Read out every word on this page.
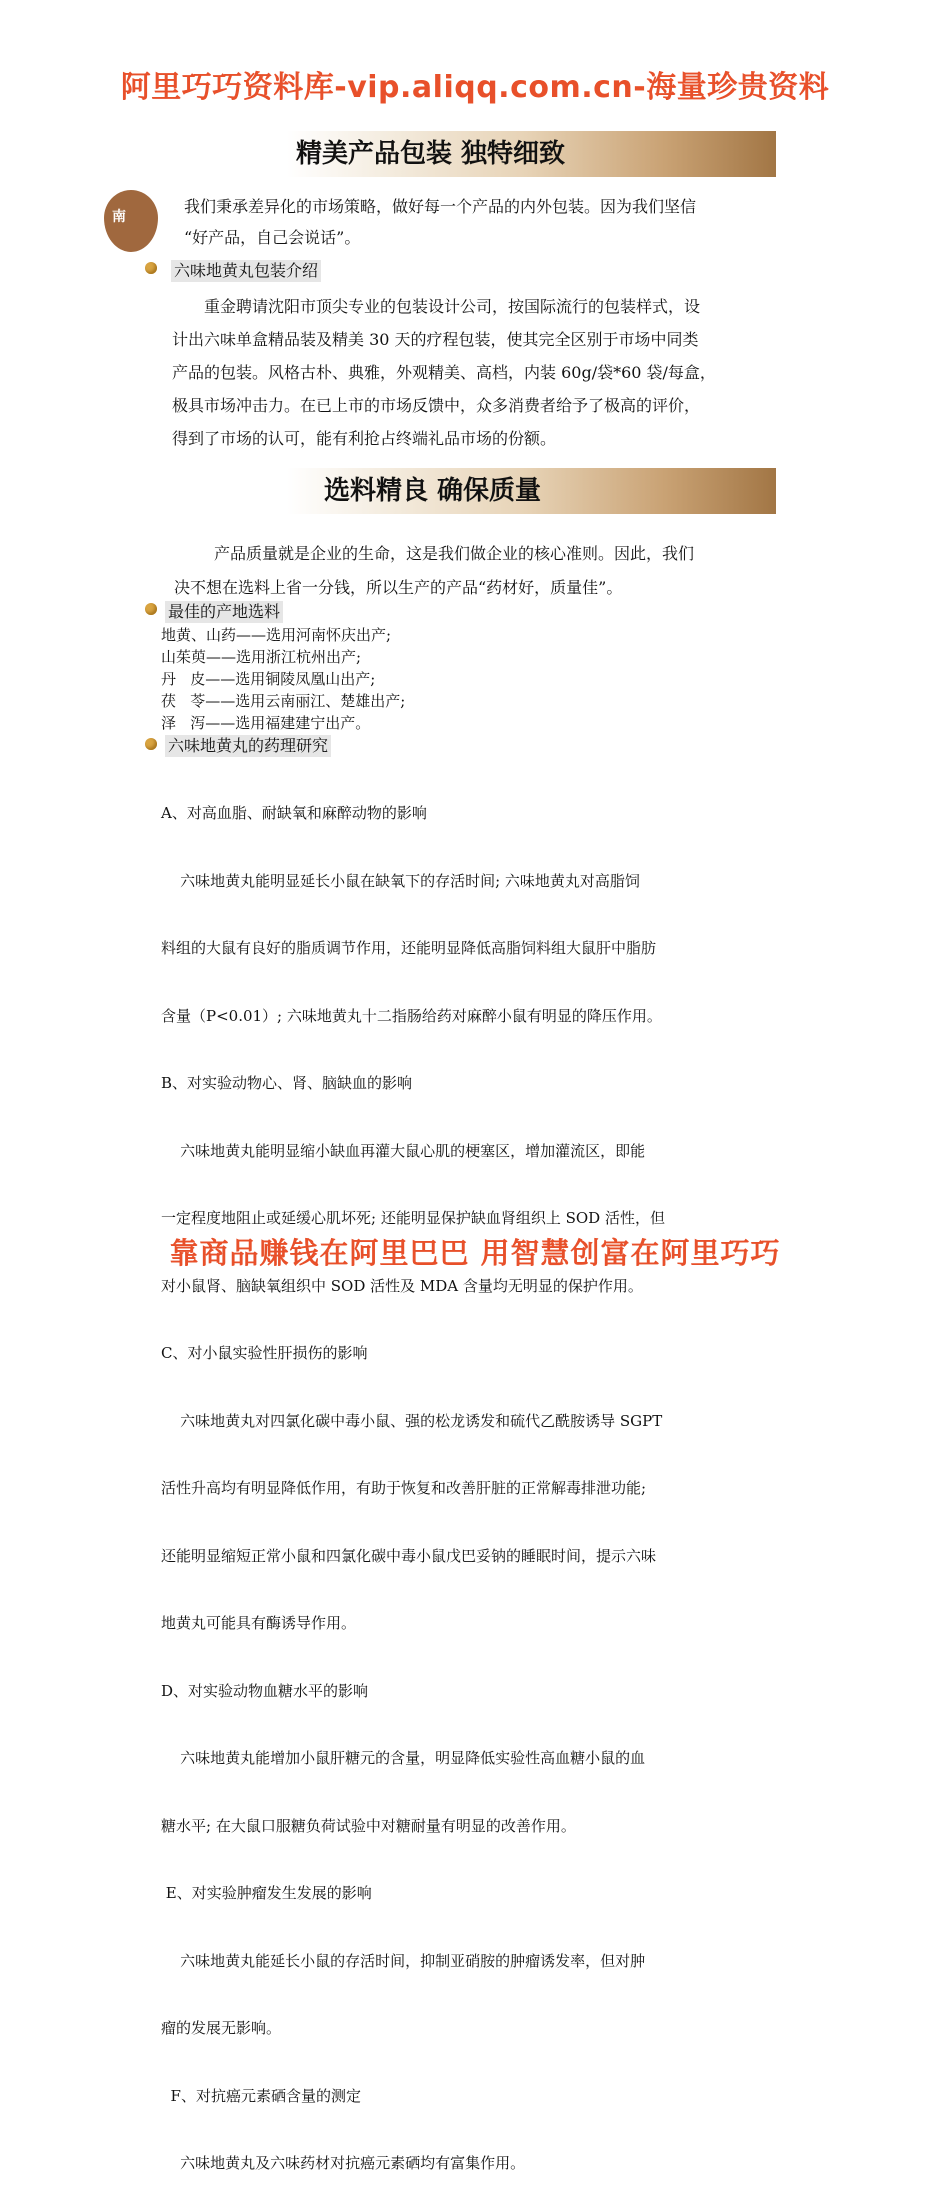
阿里巧巧资料库-vip.aliqq.com.cn-海量珍贵资料
精美产品包装 独特细致
南

我们秉承差异化的市场策略，做好每一个产品的内外包装。因为我们坚信

“好产品，自己会说话”。

六味地黄丸包装介绍

重金聘请沈阳市顶尖专业的包装设计公司，按国际流行的包装样式，设

计出六味单盒精品装及精美 30 天的疗程包装，使其完全区别于市场中同类

产品的包装。风格古朴、典雅，外观精美、高档，内装 60g/袋*60 袋/每盒，

极具市场冲击力。在已上市的市场反馈中，众多消费者给予了极高的评价，

得到了市场的认可，能有利抢占终端礼品市场的份额。

选料精良 确保质量

产品质量就是企业的生命，这是我们做企业的核心准则。因此，我们

决不想在选料上省一分钱，所以生产的产品“药材好，质量佳”。

最佳的产地选料

地黄、山药——选用河南怀庆出产;

山茱萸——选用浙江杭州出产;

丹   皮——选用铜陵凤凰山出产;

茯   苓——选用云南丽江、楚雄出产;

泽   泻——选用福建建宁出产。

六味地黄丸的药理研究

A、对高血脂、耐缺氧和麻醉动物的影响

六味地黄丸能明显延长小鼠在缺氧下的存活时间; 六味地黄丸对高脂饲

料组的大鼠有良好的脂质调节作用，还能明显降低高脂饲料组大鼠肝中脂肪

含量（P<0.01）; 六味地黄丸十二指肠给药对麻醉小鼠有明显的降压作用。

B、对实验动物心、肾、脑缺血的影响

六味地黄丸能明显缩小缺血再灌大鼠心肌的梗塞区，增加灌流区，即能

一定程度地阻止或延缓心肌坏死; 还能明显保护缺血肾组织上 SOD 活性，但

对小鼠肾、脑缺氧组织中 SOD 活性及 MDA 含量均无明显的保护作用。

C、对小鼠实验性肝损伤的影响

六味地黄丸对四氯化碳中毒小鼠、强的松龙诱发和硫代乙酰胺诱导 SGPT

活性升高均有明显降低作用，有助于恢复和改善肝脏的正常解毒排泄功能;

还能明显缩短正常小鼠和四氯化碳中毒小鼠戊巴妥钠的睡眠时间，提示六味

地黄丸可能具有酶诱导作用。

D、对实验动物血糖水平的影响

六味地黄丸能增加小鼠肝糖元的含量，明显降低实验性高血糖小鼠的血

糖水平; 在大鼠口服糖负荷试验中对糖耐量有明显的改善作用。

E、对实验肿瘤发生发展的影响

六味地黄丸能延长小鼠的存活时间，抑制亚硝胺的肿瘤诱发率，但对肿

瘤的发展无影响。

F、对抗癌元素硒含量的测定

六味地黄丸及六味药材对抗癌元素硒均有富集作用。

靠商品赚钱在阿里巴巴 用智慧创富在阿里巧巧
